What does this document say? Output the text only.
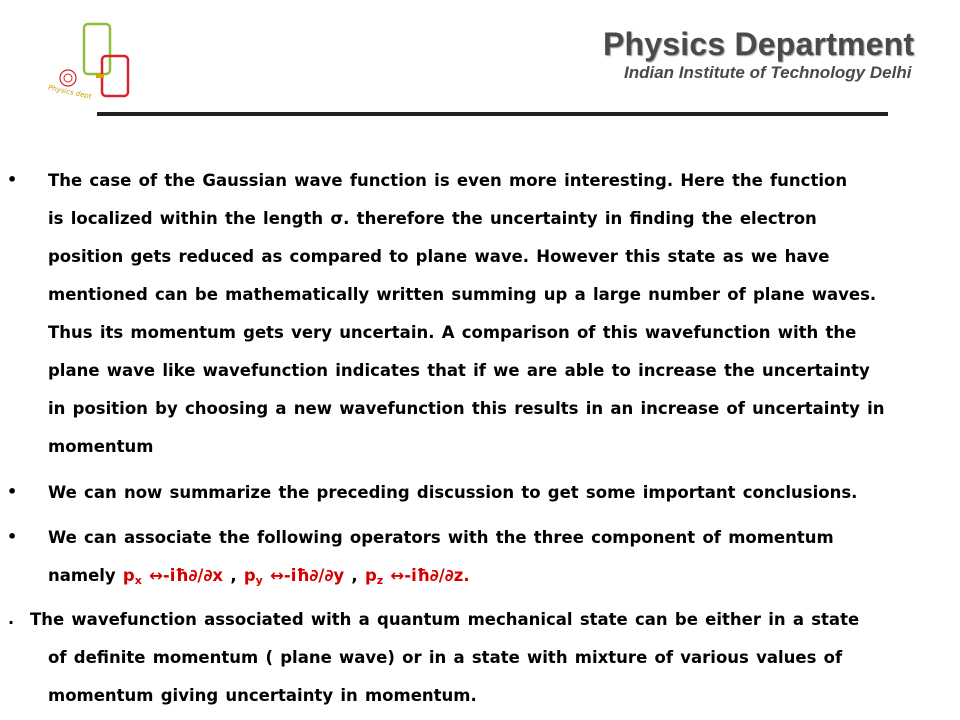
Physics dept
Physics Department
Indian Institute of Technology Delhi
• The case of the Gaussian wave function is even more interesting. Here the function
is localized within the length σ. therefore the uncertainty in finding the electron
position gets reduced as compared to plane wave. However this state as we have
mentioned can be mathematically written summing up a large number of plane waves.
Thus its momentum gets very uncertain. A comparison of this wavefunction with the
plane wave like wavefunction indicates that if we are able to increase the uncertainty
in position by choosing a new wavefunction this results in an increase of uncertainty in
momentum
• We can now summarize the preceding discussion to get some important conclusions.
• We can associate the following operators with the three component of momentum
namely $p_x$ ↔-iħ∂/∂x , $p_y$ ↔-iħ∂/∂y , $p_z$ ↔-iħ∂/∂z.
. The wavefunction associated with a quantum mechanical state can be either in a state
of definite momentum ( plane wave) or in a state with mixture of various values of
momentum giving uncertainty in momentum.
